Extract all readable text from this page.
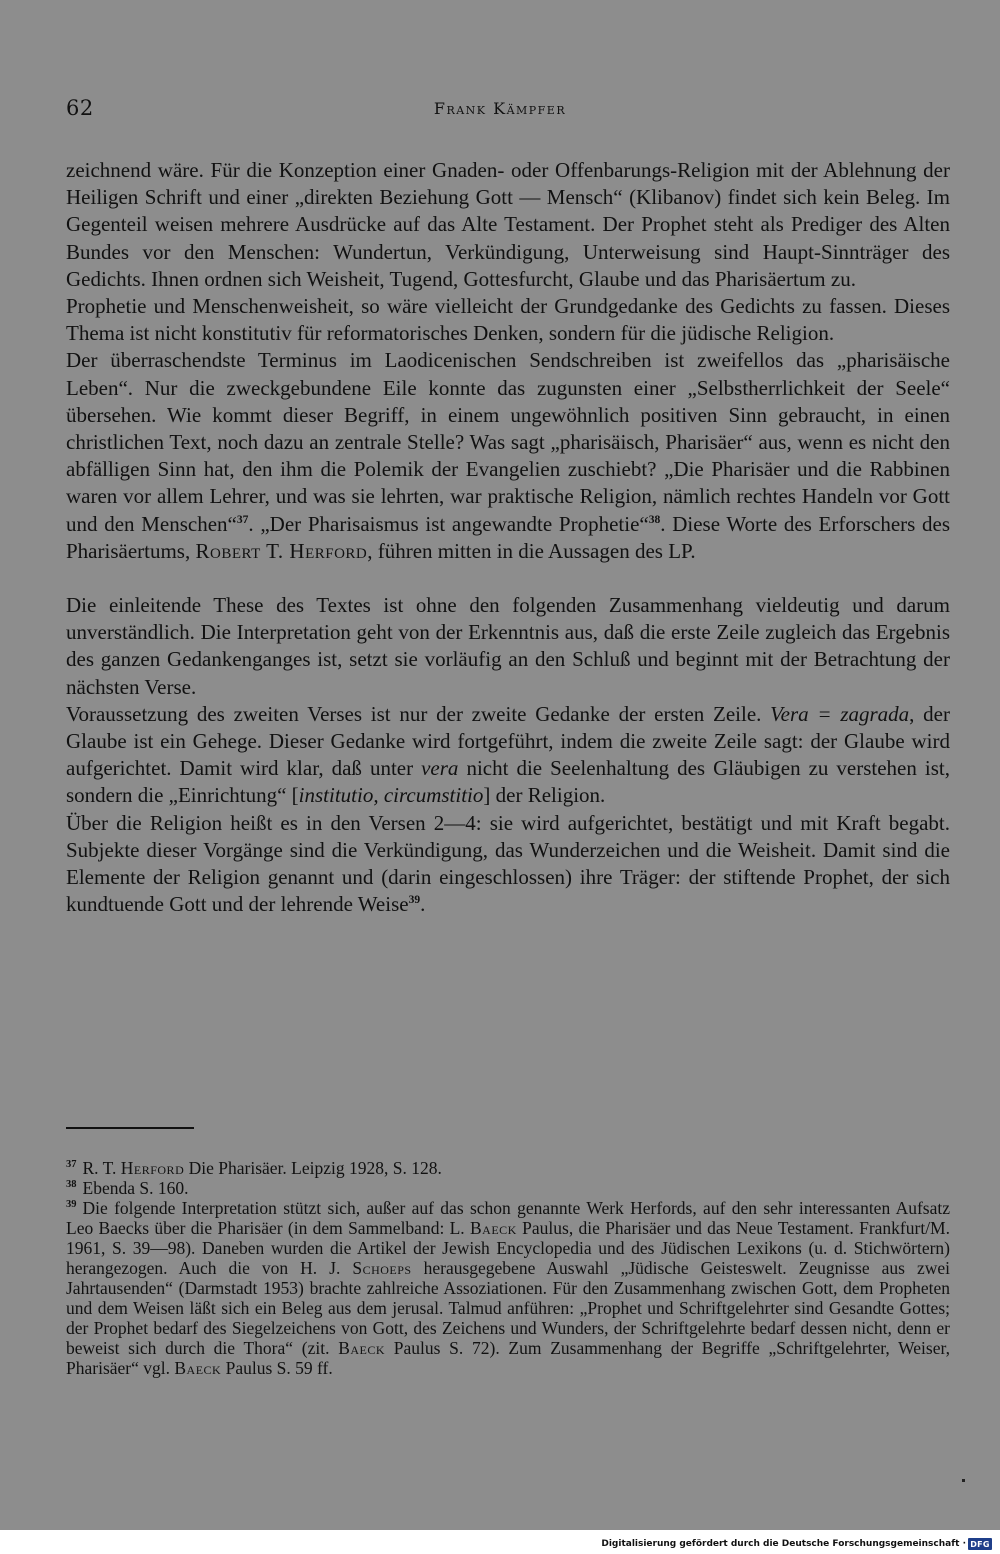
62	Frank Kämpfer

zeichnend wäre. Für die Konzeption einer Gnaden- oder Offenbarungs-Religion mit der Ablehnung der Heiligen Schrift und einer „direkten Beziehung Gott — Mensch“ (Klibanov) findet sich kein Beleg. Im Gegenteil weisen mehrere Ausdrücke auf das Alte Testament. Der Prophet steht als Prediger des Alten Bundes vor den Menschen: Wundertun, Verkündigung, Unterweisung sind Haupt-Sinnträger des Gedichts. Ihnen ordnen sich Weisheit, Tugend, Gottesfurcht, Glaube und das Pharisäertum zu.

Prophetie und Menschenweisheit, so wäre vielleicht der Grundgedanke des Gedichts zu fassen. Dieses Thema ist nicht konstitutiv für reformatorisches Denken, sondern für die jüdische Religion.

Der überraschendste Terminus im Laodicenischen Sendschreiben ist zweifellos das „pharisäische Leben“. Nur die zweckgebundene Eile konnte das zugunsten einer „Selbstherrlichkeit der Seele“ übersehen. Wie kommt dieser Begriff, in einem ungewöhnlich positiven Sinn gebraucht, in einen christlichen Text, noch dazu an zentrale Stelle? Was sagt „pharisäisch, Pharisäer“ aus, wenn es nicht den abfälligen Sinn hat, den ihm die Polemik der Evangelien zuschiebt? „Die Pharisäer und die Rabbinen waren vor allem Lehrer, und was sie lehrten, war praktische Religion, nämlich rechtes Handeln vor Gott und den Menschen“$^{37}$. „Der Pharisaismus ist angewandte Prophetie“$^{38}$. Diese Worte des Erforschers des Pharisäertums, Robert T. Herford, führen mitten in die Aussagen des LP.

Die einleitende These des Textes ist ohne den folgenden Zusammenhang vieldeutig und darum unverständlich. Die Interpretation geht von der Erkenntnis aus, daß die erste Zeile zugleich das Ergebnis des ganzen Gedankenganges ist, setzt sie vorläufig an den Schluß und beginnt mit der Betrachtung der nächsten Verse.

Voraussetzung des zweiten Verses ist nur der zweite Gedanke der ersten Zeile. Vera = zagrada, der Glaube ist ein Gehege. Dieser Gedanke wird fortgeführt, indem die zweite Zeile sagt: der Glaube wird aufgerichtet. Damit wird klar, daß unter vera nicht die Seelenhaltung des Gläubigen zu verstehen ist, sondern die „Einrichtung“ [institutio, circumstitio] der Religion.

Über die Religion heißt es in den Versen 2—4: sie wird aufgerichtet, bestätigt und mit Kraft begabt. Subjekte dieser Vorgänge sind die Verkündigung, das Wunderzeichen und die Weisheit. Damit sind die Elemente der Religion genannt und (darin eingeschlossen) ihre Träger: der stiftende Prophet, der sich kundtuende Gott und der lehrende Weise$^{39}$.

$^{37}$ R. T. Herford Die Pharisäer. Leipzig 1928, S. 128.

$^{38}$ Ebenda S. 160.

$^{39}$ Die folgende Interpretation stützt sich, außer auf das schon genannte Werk Herfords, auf den sehr interessanten Aufsatz Leo Baecks über die Pharisäer (in dem Sammelband: L. Baeck Paulus, die Pharisäer und das Neue Testament. Frankfurt/M. 1961, S. 39—98). Daneben wurden die Artikel der Jewish Encyclopedia und des Jüdischen Lexikons (u. d. Stichwörtern) herangezogen. Auch die von H. J. Schoeps herausgegebene Auswahl „Jüdische Geisteswelt. Zeugnisse aus zwei Jahrtausenden“ (Darmstadt 1953) brachte zahlreiche Assoziationen. Für den Zusammenhang zwischen Gott, dem Propheten und dem Weisen läßt sich ein Beleg aus dem jerusal. Talmud anführen: „Prophet und Schriftgelehrter sind Gesandte Gottes; der Prophet bedarf des Siegelzeichens von Gott, des Zeichens und Wunders, der Schriftgelehrte bedarf dessen nicht, denn er beweist sich durch die Thora“ (zit. Baeck Paulus S. 72). Zum Zusammenhang der Begriffe „Schriftgelehrter, Weiser, Pharisäer“ vgl. Baeck Paulus S. 59 ff.

Digitalisierung gefördert durch die Deutsche Forschungsgemeinschaft · DFG
